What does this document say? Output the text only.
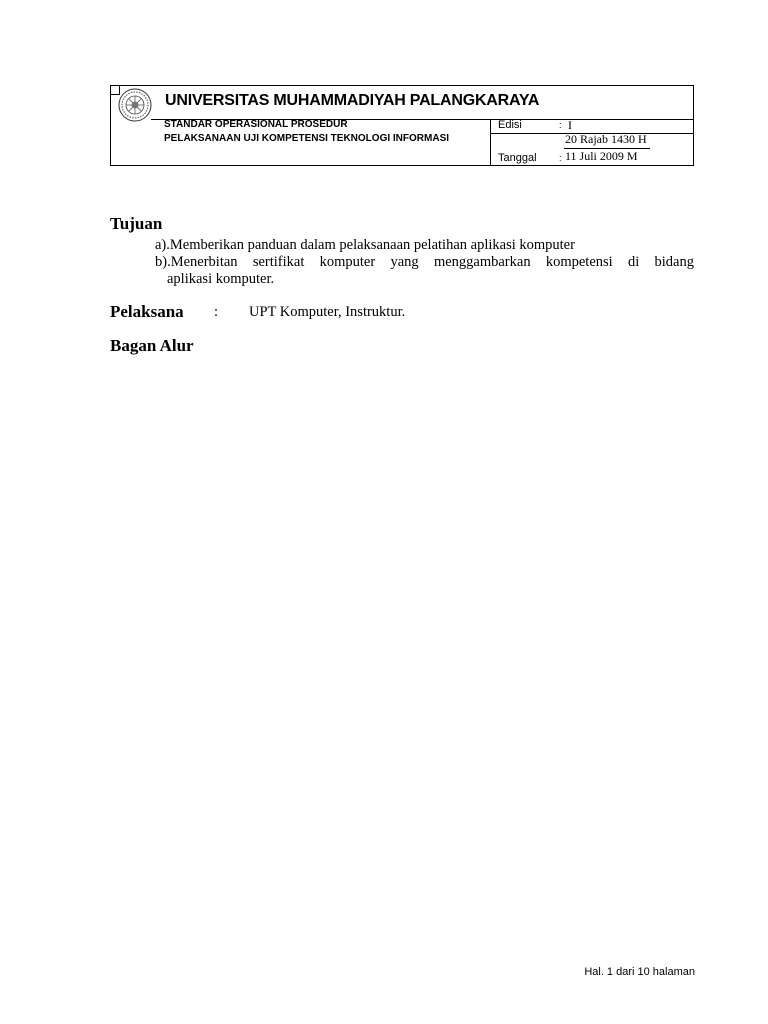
UNIVERSITAS MUHAMMADIYAH PALANGKARAYA
STANDAR OPERASIONAL PROSEDUR
PELAKSANAAN UJI KOMPETENSI TEKNOLOGI INFORMASI
Edisi	: I
20 Rajab 1430 H
Tanggal : 11 Juli 2009 M
Tujuan
a).Memberikan panduan dalam pelaksanaan pelatihan aplikasi komputer
b).Menerbitan sertifikat komputer yang menggambarkan kompetensi di bidang
aplikasi komputer.
Pelaksana : UPT Komputer, Instruktur.
Bagan Alur
Hal. 1 dari 10 halaman
